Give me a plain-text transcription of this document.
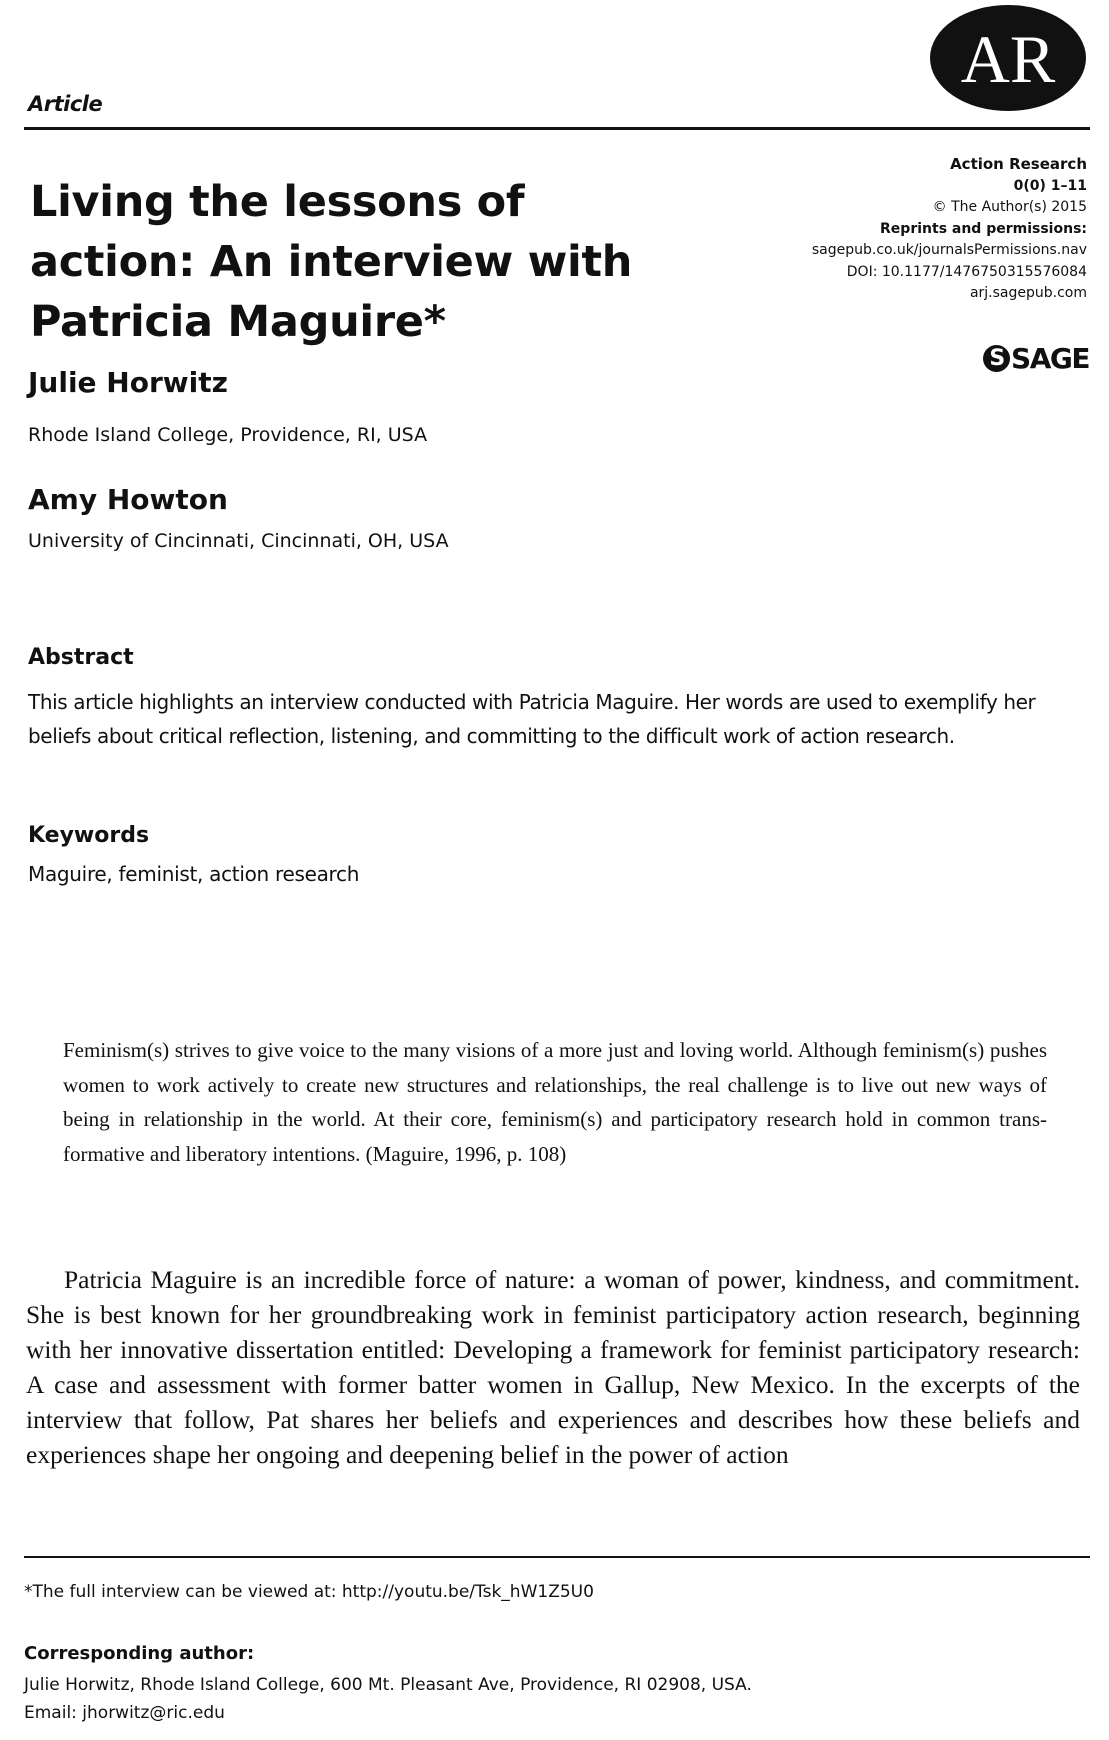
Article
AR
Living the lessons of
action: An interview with
Patricia Maguire*
Action Research
0(0) 1–11
© The Author(s) 2015
Reprints and permissions:
sagepub.co.uk/journalsPermissions.nav
DOI: 10.1177/1476750315576084
arj.sagepub.com
S SAGE
Julie Horwitz
Rhode Island College, Providence, RI, USA
Amy Howton
University of Cincinnati, Cincinnati, OH, USA
Abstract
This article highlights an interview conducted with Patricia Maguire. Her words are used to exemplify her beliefs about critical reflection, listening, and committing to the difficult work of action research.
Keywords
Maguire, feminist, action research
Feminism(s) strives to give voice to the many visions of a more just and loving world. Although feminism(s) pushes women to work actively to create new structures and relationships, the real challenge is to live out new ways of being in relationship in the world. At their core, feminism(s) and participatory research hold in common trans-formative and liberatory intentions. (Maguire, 1996, p. 108)
Patricia Maguire is an incredible force of nature: a woman of power, kindness, and commitment. She is best known for her groundbreaking work in feminist participatory action research, beginning with her innovative dissertation entitled: Developing a framework for feminist participatory research: A case and assessment with former batter women in Gallup, New Mexico. In the excerpts of the interview that follow, Pat shares her beliefs and experiences and describes how these beliefs and experiences shape her ongoing and deepening belief in the power of action
*The full interview can be viewed at: http://youtu.be/Tsk_hW1Z5U0
Corresponding author:
Julie Horwitz, Rhode Island College, 600 Mt. Pleasant Ave, Providence, RI 02908, USA.
Email: jhorwitz@ric.edu
